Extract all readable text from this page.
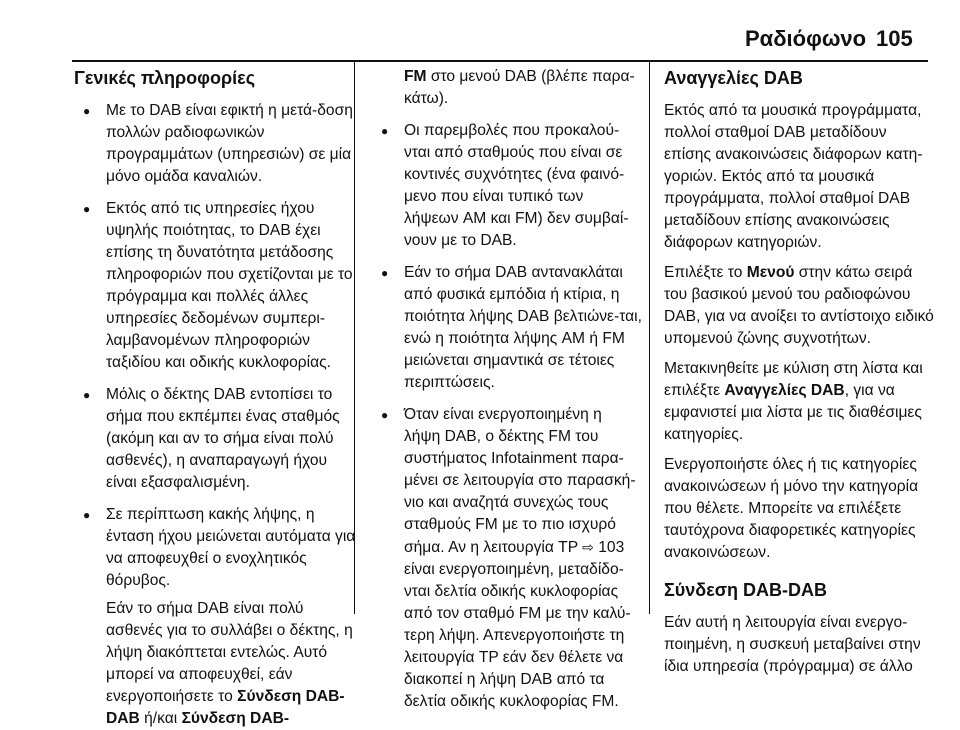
Ραδιόφωνο 105
Γενικές πληροφορίες
● Με το DAB είναι εφικτή η μετά-δοση πολλών ραδιοφωνικών προγραμμάτων (υπηρεσιών) σε μία μόνο ομάδα καναλιών.
● Εκτός από τις υπηρεσίες ήχου υψηλής ποιότητας, το DAB έχει επίσης τη δυνατότητα μετάδοσης πληροφοριών που σχετίζονται με το πρόγραμμα και πολλές άλλες υπηρεσίες δεδομένων συμπερι-λαμβανομένων πληροφοριών ταξιδίου και οδικής κυκλοφορίας.
● Μόλις ο δέκτης DAB εντοπίσει το σήμα που εκπέμπει ένας σταθμός (ακόμη και αν το σήμα είναι πολύ ασθενές), η αναπαραγωγή ήχου είναι εξασφαλισμένη.
● Σε περίπτωση κακής λήψης, η ένταση ήχου μειώνεται αυτόματα για να αποφευχθεί ο ενοχλητικός θόρυβος.

Εάν το σήμα DAB είναι πολύ ασθενές για το συλλάβει ο δέκτης, η λήψη διακόπτεται εντελώς. Αυτό μπορεί να αποφευχθεί, εάν ενεργοποιήσετε το Σύνδεση DAB-DAB ή/και Σύνδεση DAB-

FM στο μενού DAB (βλέπε παρα-κάτω).

● Οι παρεμβολές που προκαλού-νται από σταθμούς που είναι σε κοντινές συχνότητες (ένα φαινό-μενο που είναι τυπικό των λήψεων AM και FM) δεν συμβαί-νουν με το DAB.
● Εάν το σήμα DAB αντανακλάται από φυσικά εμπόδια ή κτίρια, η ποιότητα λήψης DAB βελτιώνε-ται, ενώ η ποιότητα λήψης AM ή FM μειώνεται σημαντικά σε τέτοιες περιπτώσεις.
● Όταν είναι ενεργοποιημένη η λήψη DAB, ο δέκτης FM του συστήματος Infotainment παρα-μένει σε λειτουργία στο παρασκή-νιο και αναζητά συνεχώς τους σταθμούς FM με το πιο ισχυρό σήμα. Αν η λειτουργία TP ⇨ 103 είναι ενεργοποιημένη, μεταδίδο-νται δελτία οδικής κυκλοφορίας από τον σταθμό FM με την καλύ-τερη λήψη. Απενεργοποιήστε τη λειτουργία TP εάν δεν θέλετε να διακοπεί η λήψη DAB από τα δελτία οδικής κυκλοφορίας FM.
Αναγγελίες DAB

Εκτός από τα μουσικά προγράμματα, πολλοί σταθμοί DAB μεταδίδουν επίσης ανακοινώσεις διάφορων κατη-γοριών. Εκτός από τα μουσικά προγράμματα, πολλοί σταθμοί DAB μεταδίδουν επίσης ανακοινώσεις διάφορων κατηγοριών.

Επιλέξτε το Μενού στην κάτω σειρά του βασικού μενού του ραδιοφώνου DAB, για να ανοίξει το αντίστοιχο ειδικό υπομενού ζώνης συχνοτήτων.

Μετακινηθείτε με κύλιση στη λίστα και επιλέξτε Αναγγελίες DAB, για να εμφανιστεί μια λίστα με τις διαθέσιμες κατηγορίες.

Ενεργοποιήστε όλες ή τις κατηγορίες ανακοινώσεων ή μόνο την κατηγορία που θέλετε. Μπορείτε να επιλέξετε ταυτόχρονα διαφορετικές κατηγορίες ανακοινώσεων.

Σύνδεση DAB-DAB

Εάν αυτή η λειτουργία είναι ενεργο-ποιημένη, η συσκευή μεταβαίνει στην ίδια υπηρεσία (πρόγραμμα) σε άλλο
